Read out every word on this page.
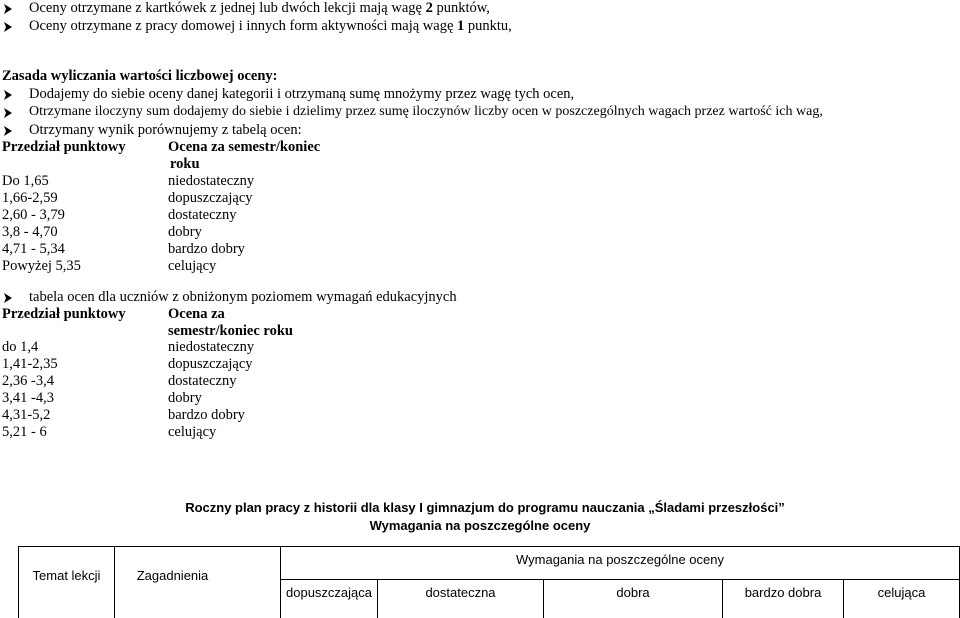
Oceny otrzymane z kartkówek z jednej lub dwóch lekcji mają wagę 2 punktów,
Oceny otrzymane z pracy domowej i innych form aktywności mają wagę 1 punktu,
Zasada wyliczania wartości liczbowej oceny:
Dodajemy do siebie oceny danej kategorii i otrzymaną sumę mnożymy przez wagę tych ocen,
Otrzymane iloczyny sum dodajemy do siebie i dzielimy przez sumę iloczynów liczby ocen w poszczególnych wagach przez wartość ich wag,
Otrzymany wynik porównujemy z tabelą ocen:
Przedział punktowy	Ocena za semestr/koniec
roku
Do 1,65	niedostateczny
1,66-2,59	dopuszczający
2,60 - 3,79	dostateczny
3,8 - 4,70	dobry
4,71 - 5,34	bardzo dobry
Powyżej 5,35	celujący
tabela ocen dla uczniów z obniżonym poziomem wymagań edukacyjnych
Przedział punktowy	Ocena za
semestr/koniec roku
do 1,4	niedostateczny
1,41-2,35	dopuszczający
2,36 -3,4	dostateczny
3,41 -4,3	dobry
4,31-5,2	bardzo dobry
5,21 - 6	celujący
Roczny plan pracy z historii dla klasy I gimnazjum do programu nauczania „Śladami przeszłości”
Wymagania na poszczególne oceny
Temat lekcji	Zagadnienia
Wymagania na poszczególne oceny
dopuszczająca	dostateczna	dobra	bardzo dobra	celująca
